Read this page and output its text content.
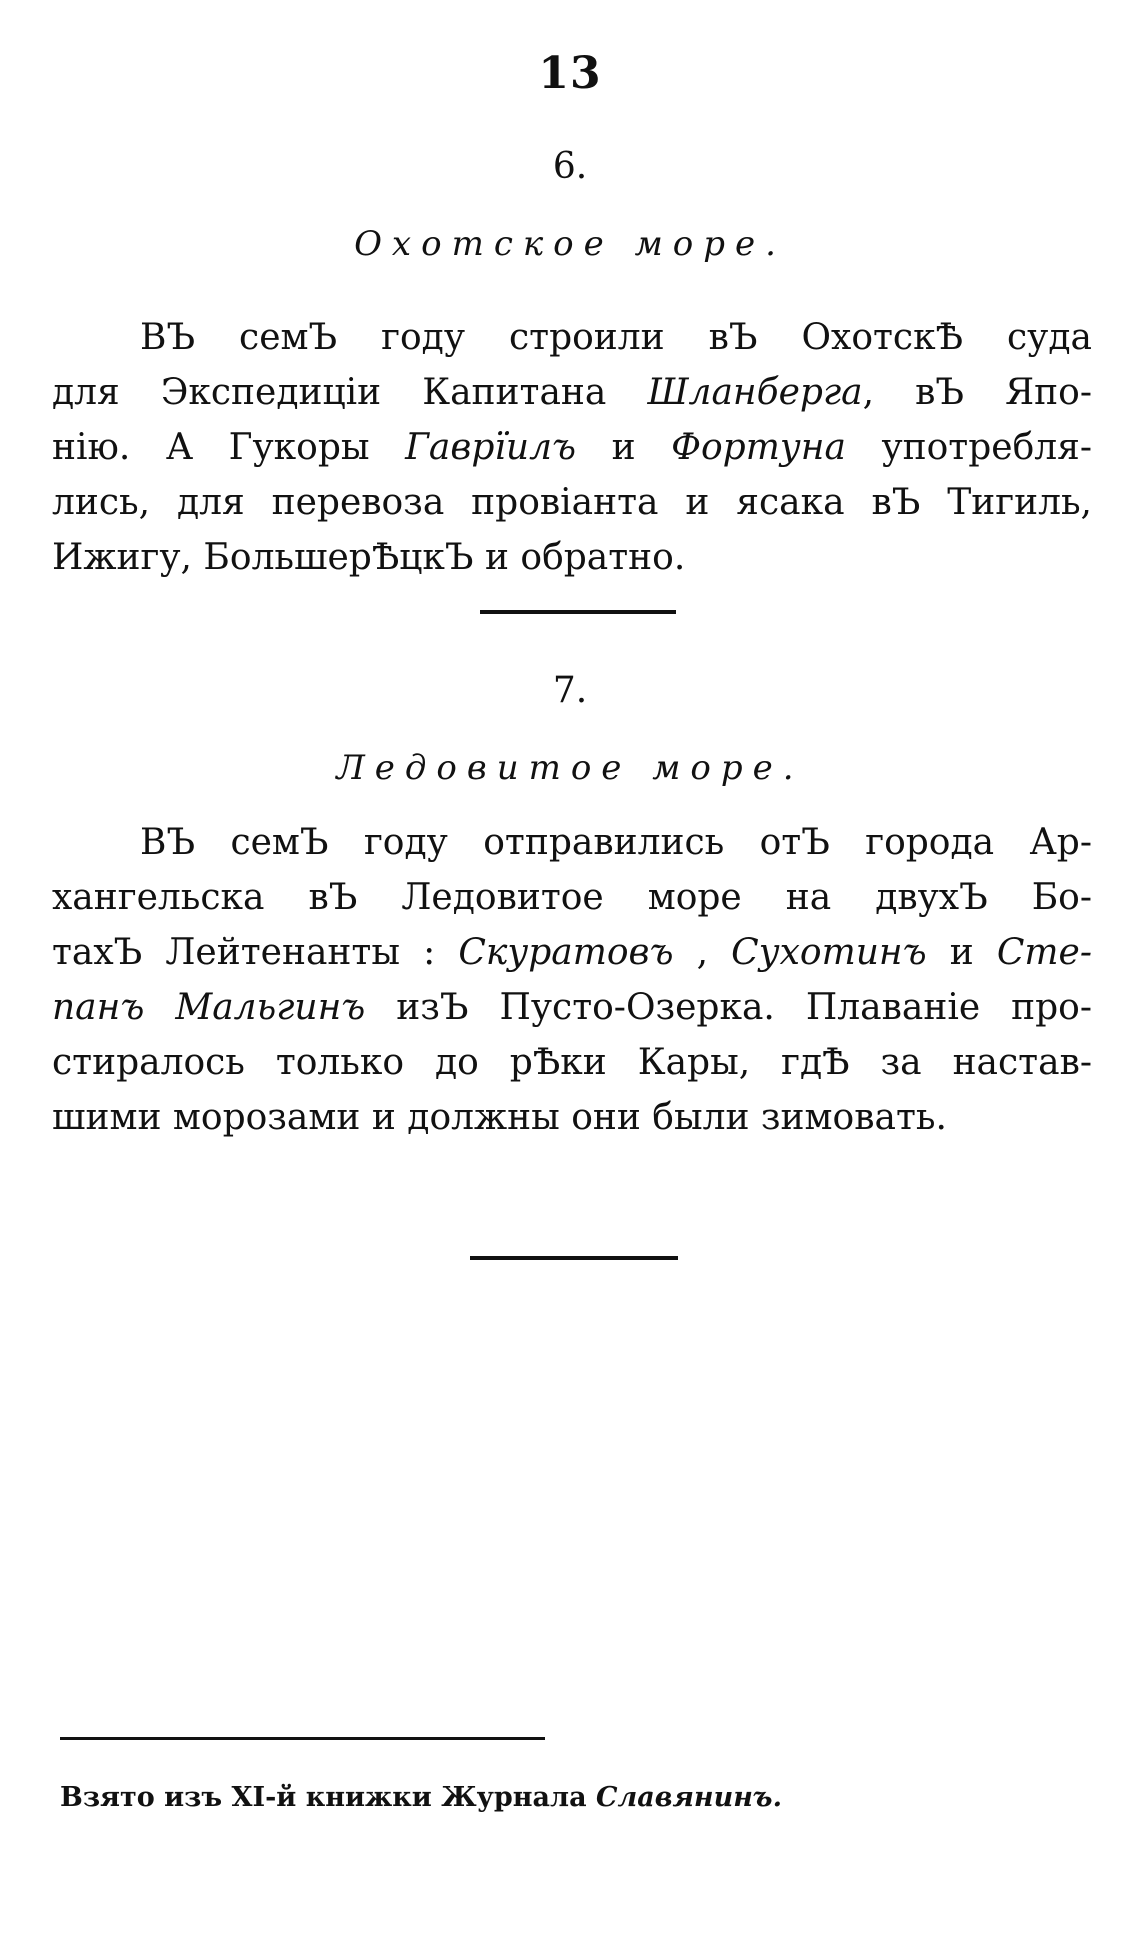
13
6.
Охотское море.
ВЪ семЪ году строили вЪ ОхотскѢ суда
для Экспедиціи Капитана Шланберга, вЪ Япо-
нію. А Гукоры Гаврїилъ и Фортуна употребля-
лись, для перевоза провіанта и ясака вЪ Тигиль,
Ижигу, БольшерѢцкЪ и обратно.
7.
Ледовитое море.
ВЪ семЪ году отправились отЪ города Ар-
хангельска вЪ Ледовитое море на двухЪ Бо-
тахЪ Лейтенанты : Скуратовъ , Сухотинъ и Сте-
панъ Мальгинъ изЪ Пусто-Озерка. Плаваніе про-
стиралось только до рѢки Кары, гдѢ за настав-
шими морозами и должны они были зимовать.
Взято изъ XI-й книжки Журнала Славянинъ.
